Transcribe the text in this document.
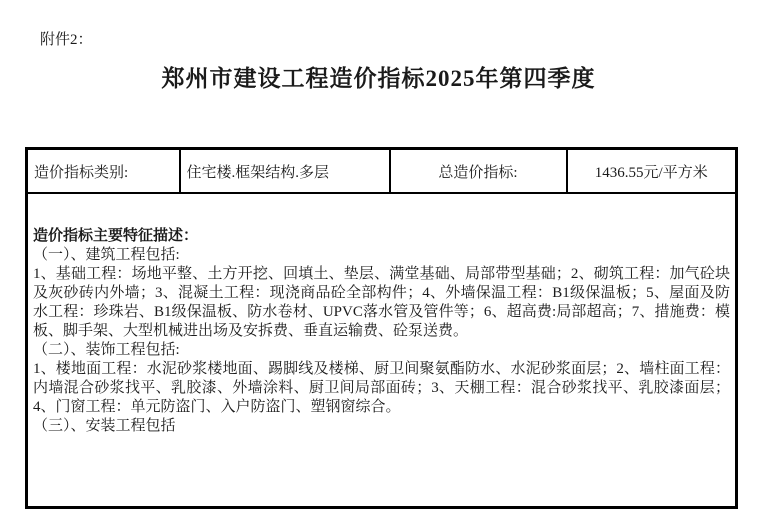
附件2：
郑州市建设工程造价指标2025年第四季度
造价指标类别:	住宅楼.框架结构.多层	总造价指标:	1436.55元/平方米

造价指标主要特征描述：
（一）、建筑工程包括:
1、基础工程：场地平整、土方开挖、回填土、垫层、满堂基础、局部带型基础；2、砌筑工程：加气砼块及灰砂砖内外墙；3、混凝土工程：现浇商品砼全部构件；4、外墙保温工程：B1级保温板；5、屋面及防水工程：珍珠岩、B1级保温板、防水卷材、UPVC落水管及管件等；6、超高费:局部超高；7、措施费：模板、脚手架、大型机械进出场及安拆费、垂直运输费、砼泵送费。
（二）、装饰工程包括:
1、楼地面工程：水泥砂浆楼地面、踢脚线及楼梯、厨卫间聚氨酯防水、水泥砂浆面层；2、墙柱面工程：内墙混合砂浆找平、乳胶漆、外墙涂料、厨卫间局部面砖；3、天棚工程：混合砂浆找平、乳胶漆面层；4、门窗工程：单元防盗门、入户防盗门、塑钢窗综合。
（三）、安装工程包括
